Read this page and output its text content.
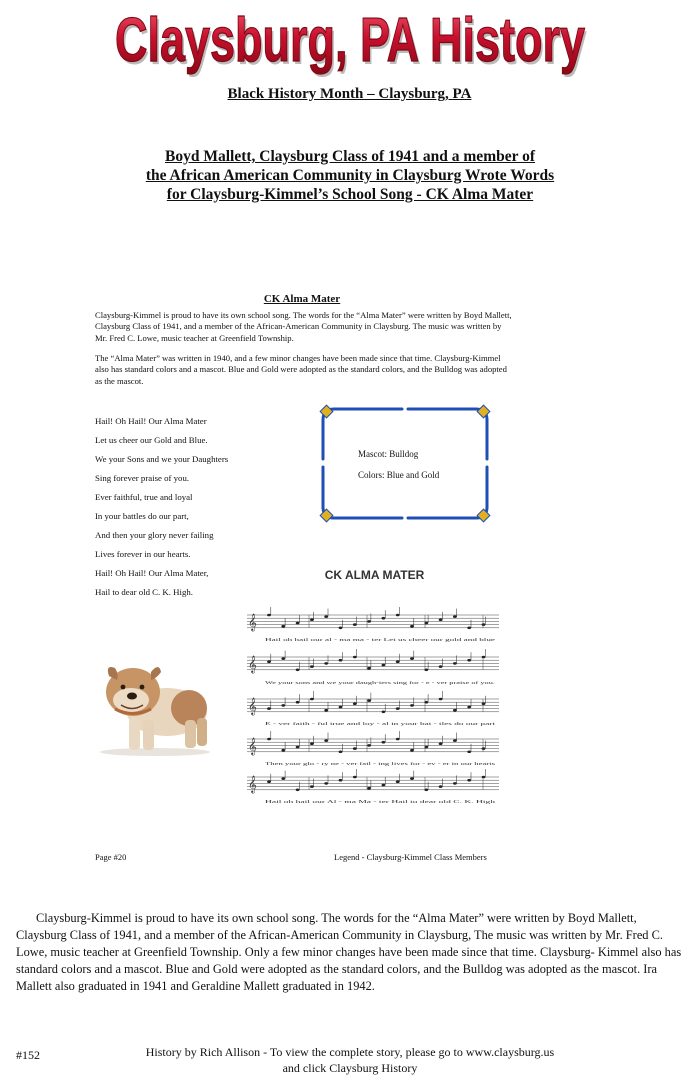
Claysburg, PA History
Claysburg, PA History
Black History Month – Claysburg, PA
Boyd Mallett, Claysburg Class of 1941 and a member of
the African American Community in Claysburg Wrote Words
for Claysburg-Kimmel’s School Song - CK Alma Mater
CK Alma Mater
Claysburg-Kimmel is proud to have its own school song. The words for the “Alma Mater” were written by Boyd Mallett, Claysburg Class of 1941, and a member of the African-American Community in Claysburg. The music was written by Mr. Fred C. Lowe, music teacher at Greenfield Township.
The “Alma Mater” was written in 1940, and a few minor changes have been made since that time. Claysburg-Kimmel also has standard colors and a mascot. Blue and Gold were adopted as the standard colors, and the Bulldog was adopted as the mascot.
Hail! Oh Hail! Our Alma Mater
Let us cheer our Gold and Blue.
We your Sons and we your Daughters
Sing forever praise of you.
Ever faithful, true and loyal
In your battles do our part,
And then your glory never failing
Lives forever in our hearts.
Hail! Oh Hail! Our Alma Mater,
Hail to dear old C. K. High.
Mascot: Bulldog
Colors: Blue and Gold
CK ALMA MATER
𝄞
𝄞
𝄞
𝄞
𝄞
Hail oh hail our al - ma ma - ter Let us cheer our gold and blue
We your sons and we your daugh-ters sing for - e - ver praise of you.
E - ver faith - ful true and loy - al in your bat - tles do our part
Then your glo - ry ne - ver fail - ing lives for - ev - er in our hearts
Hail oh hail our Al - ma Ma - ter Hail to dear old C. K. High
Page #20	Legend - Claysburg-Kimmel Class Members
Claysburg-Kimmel is proud to have its own school song. The words for the “Alma Mater” were written by Boyd Mallett, Claysburg Class of 1941, and a member of the African-American Community in Claysburg, The music was written by Mr. Fred C. Lowe, music teacher at Greenfield Township. Only a few minor changes have been made since that time. Claysburg- Kimmel also has standard colors and a mascot. Blue and Gold were adopted as the standard colors, and the Bulldog was adopted as the mascot. Ira Mallett also graduated in 1941 and Geraldine Mallett graduated in 1942.
History by Rich Allison - To view the complete story, please go to www.claysburg.us
and click Claysburg History
#152
